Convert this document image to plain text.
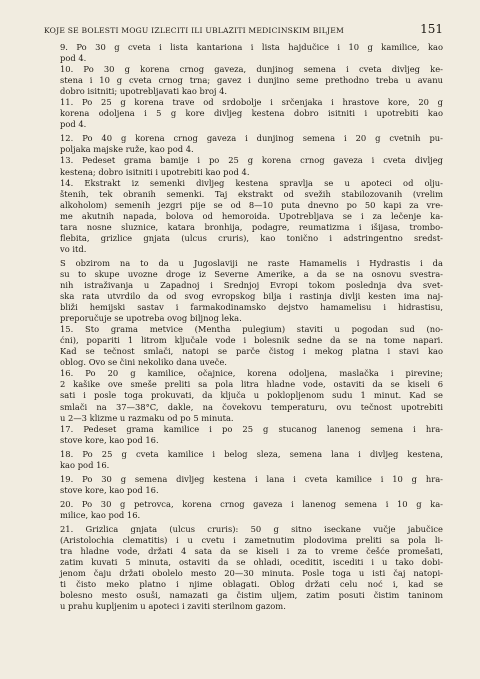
KOJE SE BOLESTI MOGU IZLECITI ILI UBLAZITI MEDICINSKIM BILJEM	151

9. Po 30 g cveta i lista kantariona i lista hajdučice i 10 g kamilice, kao
pod 4.

10. Po 30 g korena crnog gaveza, dunjinog semena i cveta divljeg ke-
stena i 10 g cveta crnog trna; gavez i dunjino seme prethodno treba u avanu
dobro isitniti; upotrebljavati kao broj 4.

11. Po 25 g korena trave od srdobolje i srčenjaka i hrastove kore, 20 g
korena odoljena i 5 g kore divljeg kestena dobro isitniti i upotrebiti kao
pod 4.

12. Po 40 g korena crnog gaveza i dunjinog semena i 20 g cvetnih pu-
poljaka majske ruže, kao pod 4.

13. Pedeset grama bamije i po 25 g korena crnog gaveza i cveta divljeg
kestena; dobro isitniti i upotrebiti kao pod 4.

14. Ekstrakt iz semenki divljeg kestena spravlja se u apoteci od olju-
štenih, tek obranih semenki. Taj ekstrakt od svežih stabilozovanih (vrelim
alkoholom) semenih jezgri pije se od 8—10 puta dnevno po 50 kapi za vre-
me akutnih napada, bolova od hemoroida. Upotrebljava se i za lečenje ka-
tara nosne sluznice, katara bronhija, podagre, reumatizma i išijasa, trombo-
flebita, grizlice gnjata (ulcus cruris), kao tonično i adstringentno sredst-
vo itd.

S obzirom na to da u Jugoslaviji ne raste Hamamelis i Hydrastis i da
su to skupe uvozne droge iz Severne Amerike, a da se na osnovu svestra-
nih istraživanja u Zapadnoj i Srednjoj Evropi tokom poslednja dva svet-
ska rata utvrdilo da od svog evropskog bilja i rastinja divlji kesten ima naj-
bliži hemijski sastav i farmakodinamsko dejstvo hamamelisu i hidrastisu,
preporučuje se upotreba ovog biljnog leka.

15. Sto grama metvice (Mentha pulegium) staviti u pogodan sud (no-
ćni), popariti 1 litrom ključale vode i bolesnik sedne da se na tome napari.
Kad se tečnost smlači, natopi se parče čistog i mekog platna i stavi kao
oblog. Ovo se čini nekoliko dana uveče.

16. Po 20 g kamilice, očajnice, korena odoljena, maslačka i pirevine;
2 kašike ove smeše preliti sa pola litra hladne vode, ostaviti da se kiseli 6
sati i posle toga prokuvati, da ključa u poklopljenom sudu 1 minut. Kad se
smlači na 37—38°C, dakle, na čovekovu temperaturu, ovu tečnost upotrebiti
u 2—3 klizme u razmaku od po 5 minuta.

17. Pedeset grama kamilice i po 25 g stucanog lanenog semena i hra-
stove kore, kao pod 16.

18. Po 25 g cveta kamilice i belog sleza, semena lana i divljeg kestena,
kao pod 16.

19. Po 30 g semena divljeg kestena i lana i cveta kamilice i 10 g hra-
stove kore, kao pod 16.

20. Po 30 g petrovca, korena crnog gaveza i lanenog semena i 10 g ka-
milice, kao pod 16.

21. Grizlica gnjata (ulcus cruris): 50 g sitno iseckane vučje jabučice
(Aristolochia clematitis) i u cvetu i zametnutim plodovima preliti sa pola li-
tra hladne vode, držati 4 sata da se kiseli i za to vreme češće promešati,
zatim kuvati 5 minuta, ostaviti da se ohladi, oceditit, iscediti i u tako dobi-
jenom čaju držati obolelo mesto 20—30 minuta. Posle toga u isti čaj natopi-
ti čisto meko platno i njime oblagati. Oblog držati celu noć i, kad se
bolesno mesto osuši, namazati ga čistim uljem, zatim posuti čistim taninom
u prahu kupljenim u apoteci i zaviti sterilnom gazom.
